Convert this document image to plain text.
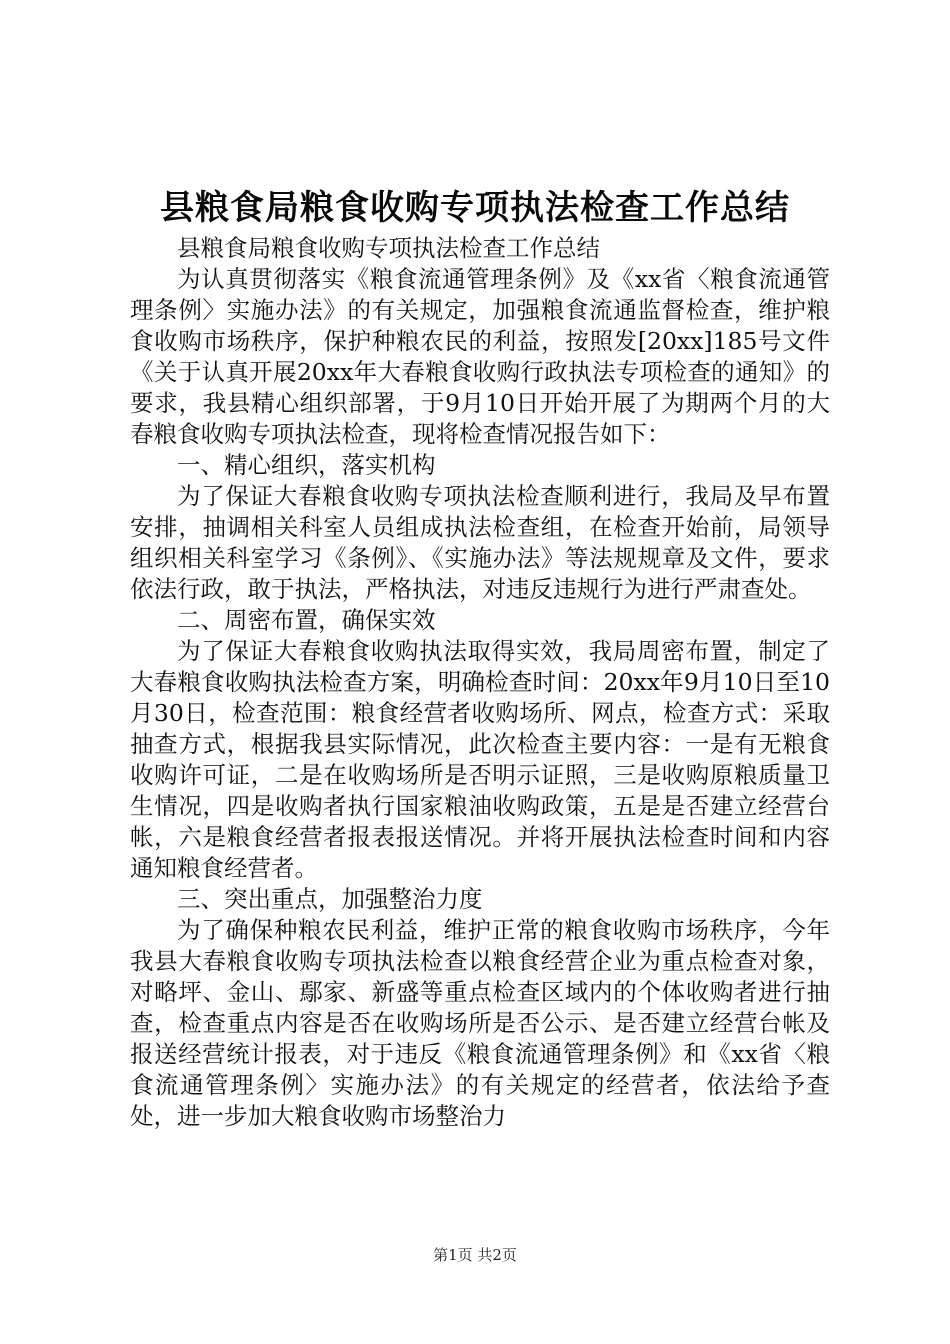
县粮食局粮食收购专项执法检查工作总结

县粮食局粮食收购专项执法检查工作总结

为认真贯彻落实《粮食流通管理条例》及《xx省〈粮食流通管理条例〉实施办法》的有关规定，加强粮食流通监督检查，维护粮食收购市场秩序，保护种粮农民的利益，按照发[20xx]185号文件《关于认真开展20xx年大春粮食收购行政执法专项检查的通知》的要求，我县精心组织部署，于9月10日开始开展了为期两个月的大春粮食收购专项执法检查，现将检查情况报告如下：

一、精心组织，落实机构

为了保证大春粮食收购专项执法检查顺利进行，我局及早布置安排，抽调相关科室人员组成执法检查组，在检查开始前，局领导组织相关科室学习《条例》、《实施办法》等法规规章及文件，要求依法行政，敢于执法，严格执法，对违反违规行为进行严肃查处。

二、周密布置，确保实效

为了保证大春粮食收购执法取得实效，我局周密布置，制定了大春粮食收购执法检查方案，明确检查时间：20xx年9月10日至10月30日，检查范围：粮食经营者收购场所、网点，检查方式：采取抽查方式，根据我县实际情况，此次检查主要内容：一是有无粮食收购许可证，二是在收购场所是否明示证照，三是收购原粮质量卫生情况，四是收购者执行国家粮油收购政策，五是是否建立经营台帐，六是粮食经营者报表报送情况。并将开展执法检查时间和内容通知粮食经营者。

三、突出重点，加强整治力度

为了确保种粮农民利益，维护正常的粮食收购市场秩序，今年我县大春粮食收购专项执法检查以粮食经营企业为重点检查对象，对略坪、金山、鄢家、新盛等重点检查区域内的个体收购者进行抽查，检查重点内容是否在收购场所是否公示、是否建立经营台帐及报送经营统计报表，对于违反《粮食流通管理条例》和《xx省〈粮食流通管理条例〉实施办法》的有关规定的经营者，依法给予查处，进一步加大粮食收购市场整治力

第1页 共2页
